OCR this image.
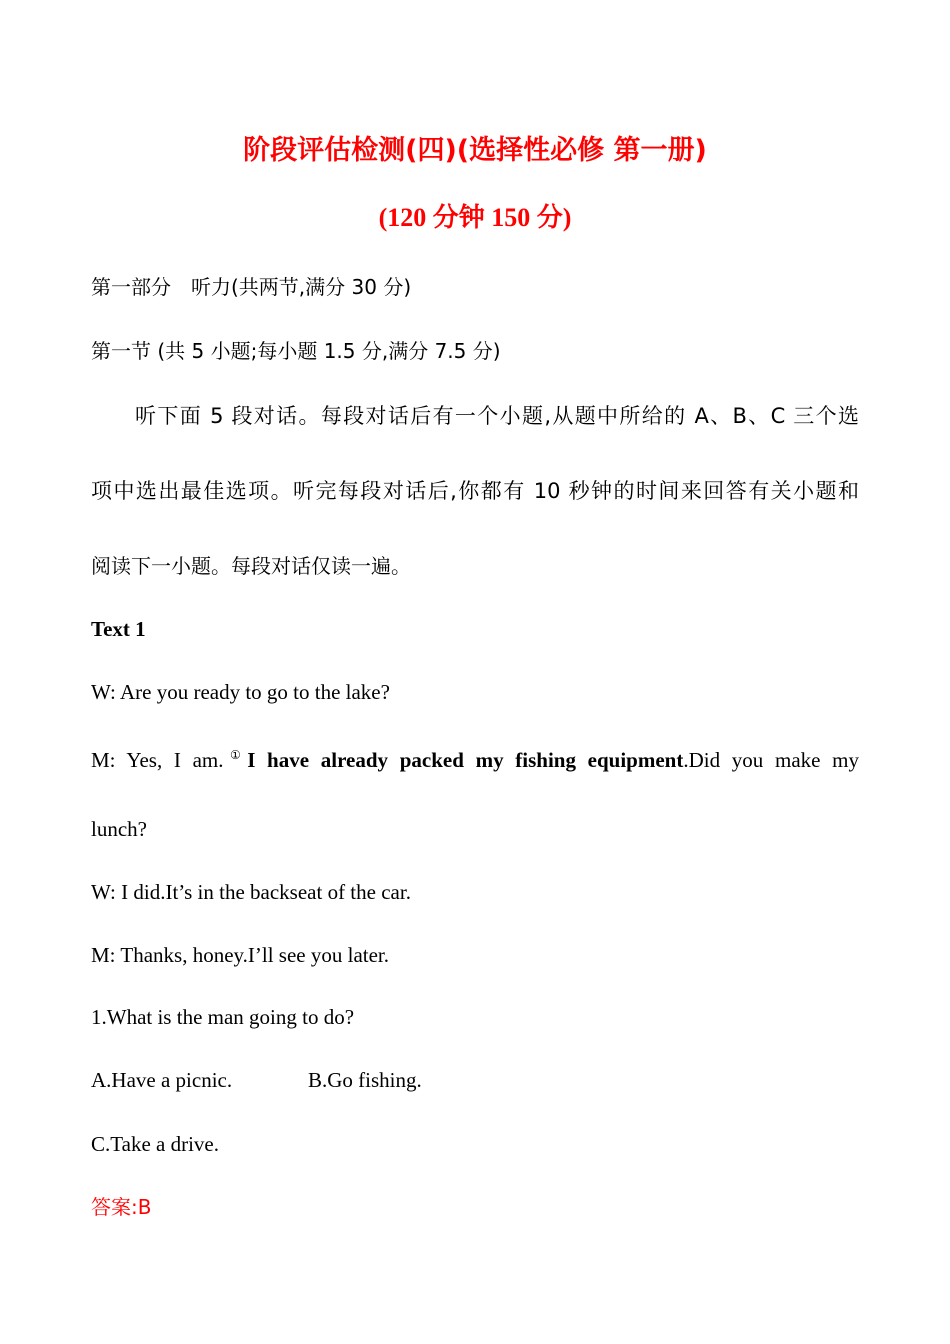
阶段评估检测(四)(选择性必修 第一册)
(120 分钟 150 分)
第一部分　听力(共两节,满分 30 分)
第一节 (共 5 小题;每小题 1.5 分,满分 7.5 分)
听下面 5 段对话。每段对话后有一个小题,从题中所给的 A、B、C 三个选
项中选出最佳选项。听完每段对话后,你都有 10 秒钟的时间来回答有关小题和
阅读下一小题。每段对话仅读一遍。
Text 1
W: Are you ready to go to the lake?
M: Yes, I am.①I have already packed my fishing equipment.Did you make my
lunch?
W: I did.It’s in the backseat of the car.
M: Thanks, honey.I’ll see you later.
1.What is the man going to do?
A.Have a picnic.	B.Go fishing.
C.Take a drive.
答案:B
